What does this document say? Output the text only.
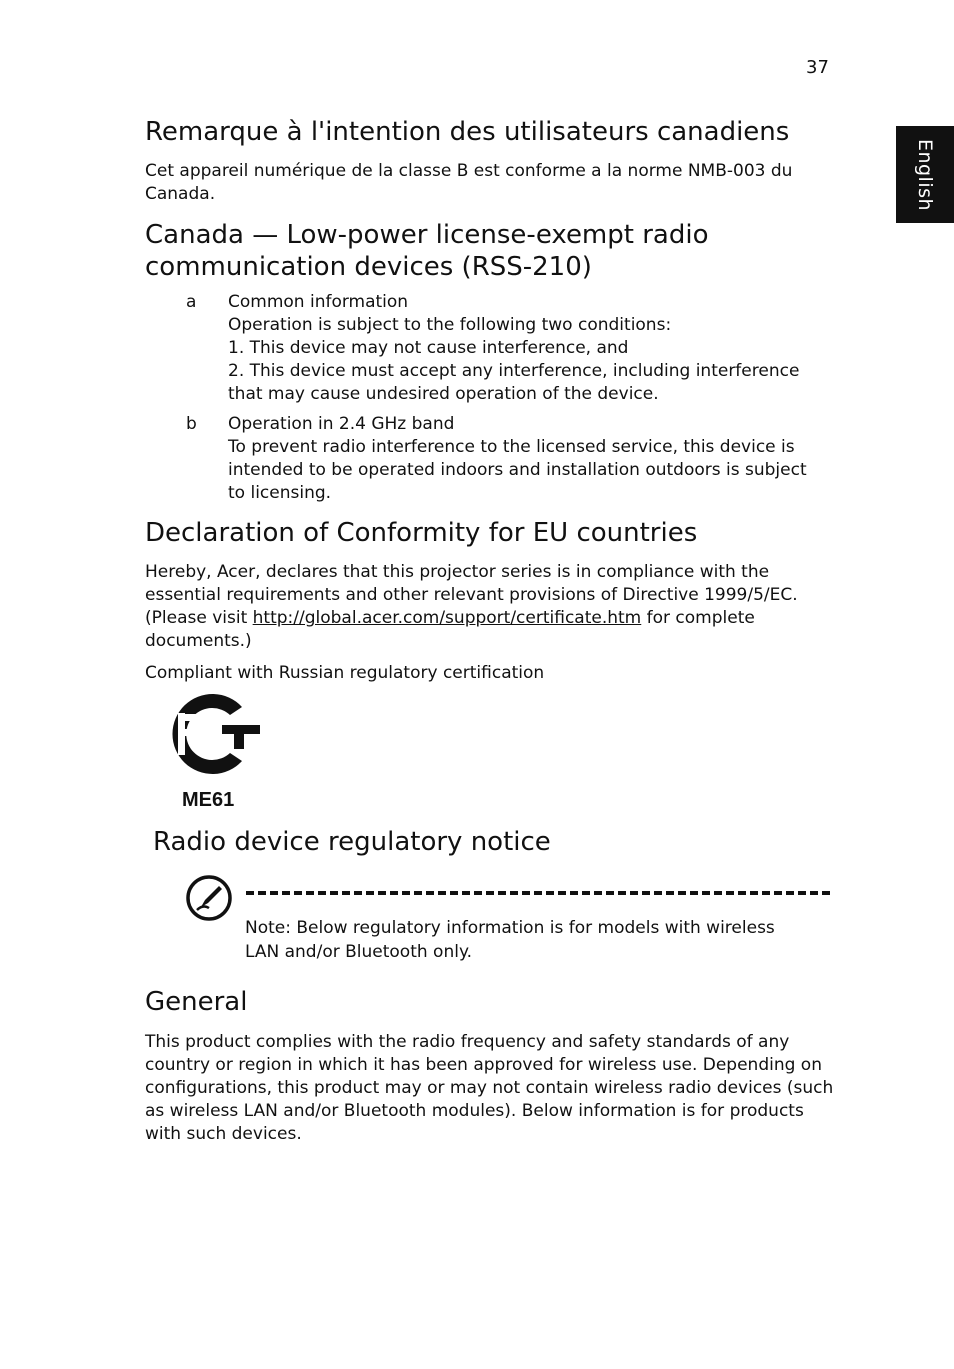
37
English
Remarque à l'intention des utilisateurs canadiens

Cet appareil numérique de la classe B est conforme a la norme NMB-003 du Canada.

Canada — Low-power license-exempt radio communication devices (RSS-210)
a Common information
Operation is subject to the following two conditions:
1. This device may not cause interference, and
2. This device must accept any interference, including interference that may cause undesired operation of the device.
b Operation in 2.4 GHz band
To prevent radio interference to the licensed service, this device is intended to be operated indoors and installation outdoors is subject to licensing.
Declaration of Conformity for EU countries

Hereby, Acer, declares that this projector series is in compliance with the essential requirements and other relevant provisions of Directive 1999/5/EC. (Please visit http://global.acer.com/support/certificate.htm for complete documents.)

Compliant with Russian regulatory certification

ME61
Radio device regulatory notice
Note: Below regulatory information is for models with wireless LAN and/or Bluetooth only.
General

This product complies with the radio frequency and safety standards of any country or region in which it has been approved for wireless use. Depending on configurations, this product may or may not contain wireless radio devices (such as wireless LAN and/or Bluetooth modules). Below information is for products with such devices.
